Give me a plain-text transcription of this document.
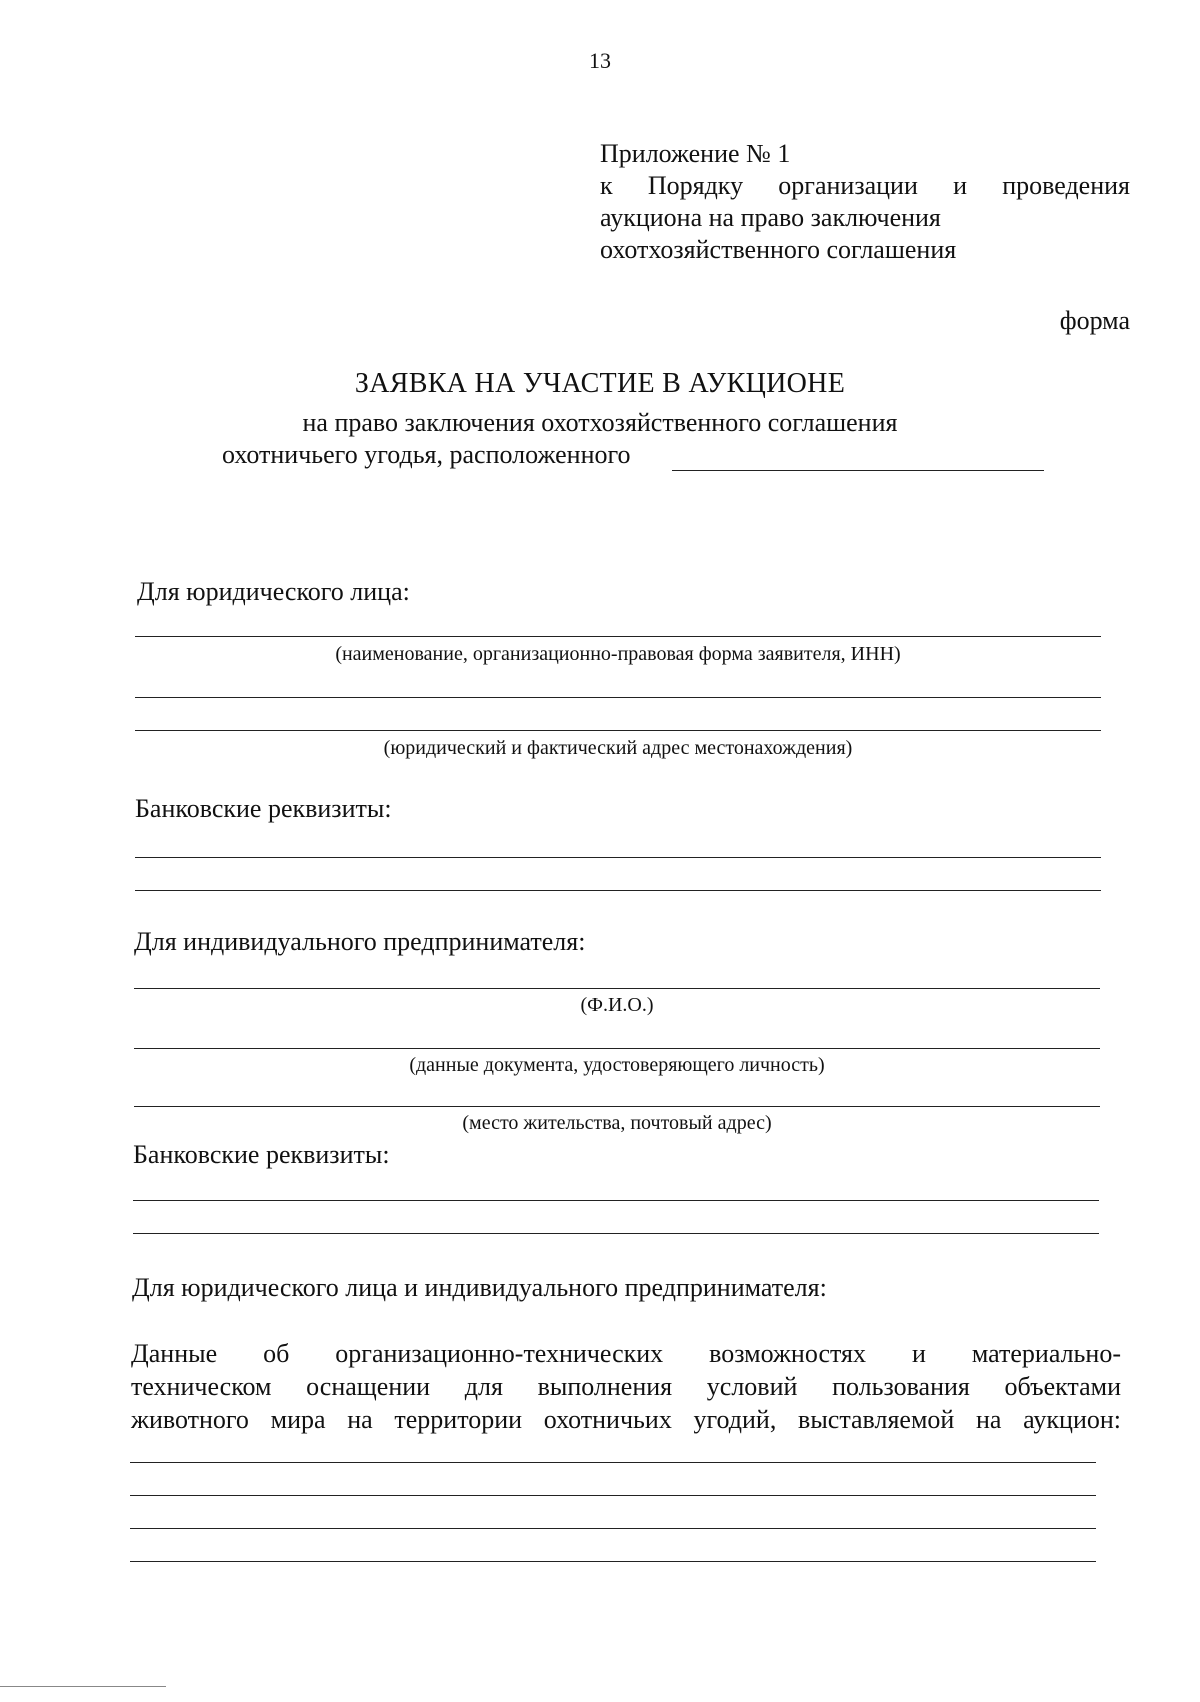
13
Приложение № 1
к Порядку организации и проведения
аукциона на право заключения
охотхозяйственного соглашения
форма
ЗАЯВКА НА УЧАСТИЕ В АУКЦИОНЕ
на право заключения охотхозяйственного соглашения
охотничьего угодья, расположенного
Для юридического лица:
(наименование, организационно-правовая форма заявителя, ИНН)
(юридический и фактический адрес местонахождения)
Банковские реквизиты:
Для индивидуального предпринимателя:
(Ф.И.О.)
(данные документа, удостоверяющего личность)
(место жительства, почтовый адрес)
Банковские реквизиты:
Для юридического лица и индивидуального предпринимателя:
Данные об организационно-технических возможностях и материально-
техническом оснащении для выполнения условий пользования объектами
животного мира на территории охотничьих угодий, выставляемой на аукцион:
